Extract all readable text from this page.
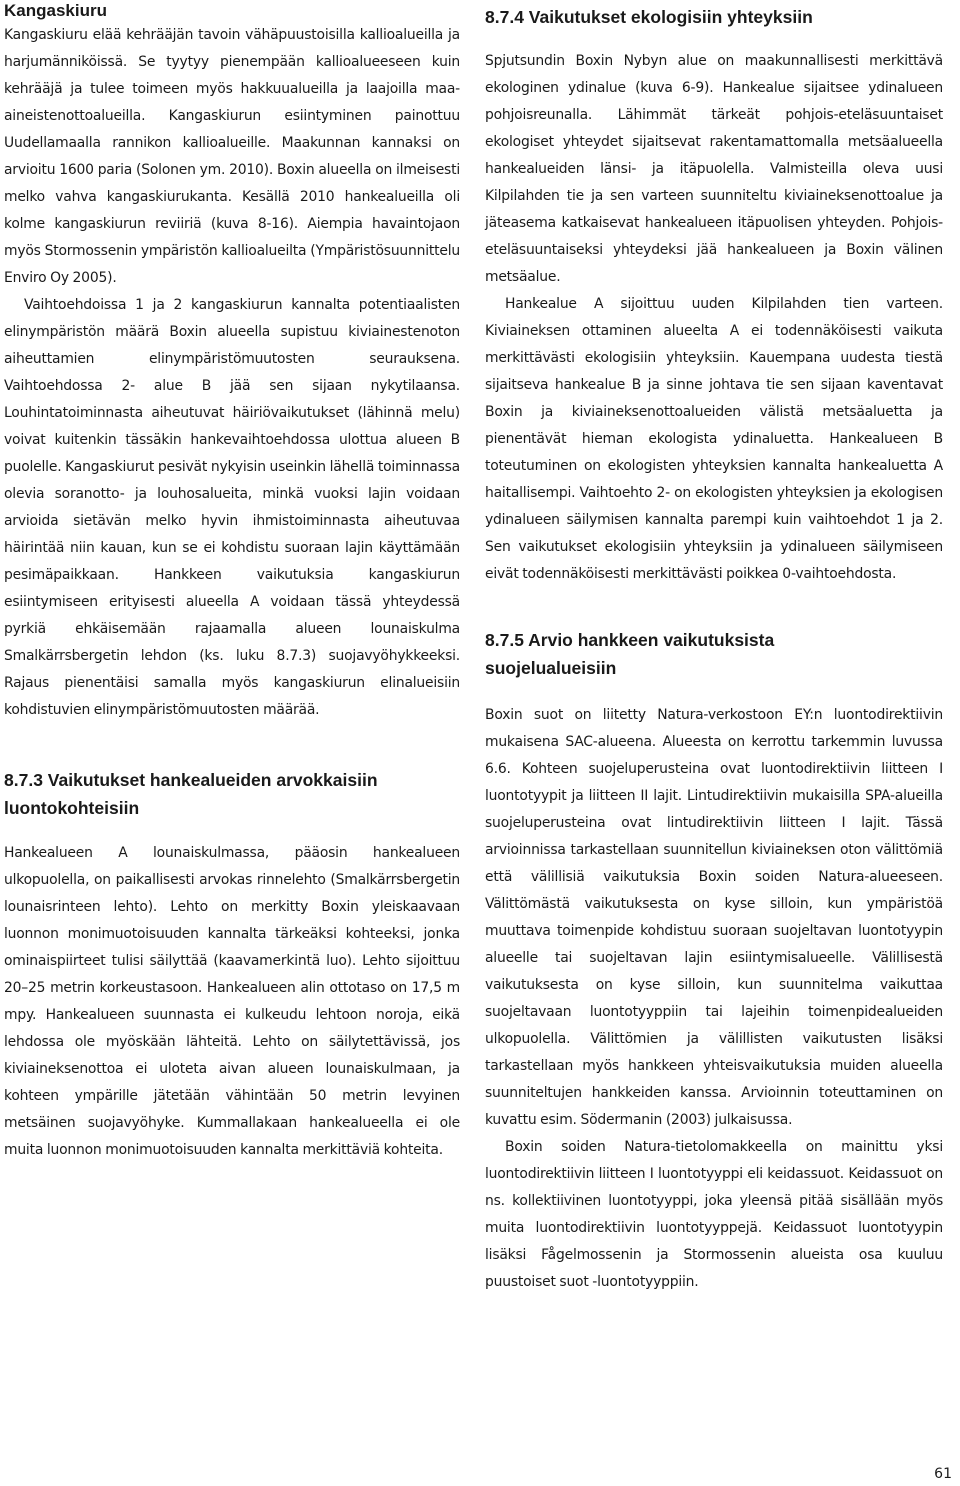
Kangaskiuru

Kangaskiuru elää kehrääjän tavoin vähäpuustoisilla kallioalueilla ja harjumänniköissä. Se tyytyy pienempään kallioalueeseen kuin kehrääjä ja tulee toimeen myös hakkuualueilla ja laajoilla maa-aineistenottoalueilla. Kangaskiurun esiintyminen painottuu Uudellamaalla rannikon kallioalueille. Maakunnan kannaksi on arvioitu 1600 paria (Solonen ym. 2010). Boxin alueella on ilmeisesti melko vahva kangaskiurukanta. Kesällä 2010 hankealueilla oli kolme kangaskiurun reviiriä (kuva 8-16). Aiempia havaintojaon myös Stormossenin ympäristön kallioalueilta (Ympäristösuunnittelu Enviro Oy 2005).

Vaihtoehdoissa 1 ja 2 kangaskiurun kannalta potentiaalisten elinympäristön määrä Boxin alueella supistuu kiviainestenoton aiheuttamien elinympäristömuutosten seurauksena. Vaihtoehdossa 2- alue B jää sen sijaan nykytilaansa. Louhintatoiminnasta aiheutuvat häiriövaikutukset (lähinnä melu) voivat kuitenkin tässäkin hankevaihtoehdossa ulottua alueen B puolelle. Kangaskiurut pesivät nykyisin useinkin lähellä toiminnassa olevia soranotto- ja louhosalueita, minkä vuoksi lajin voidaan arvioida sietävän melko hyvin ihmistoiminnasta aiheutuvaa häirintää niin kauan, kun se ei kohdistu suoraan lajin käyttämään pesimäpaikkaan. Hankkeen vaikutuksia kangaskiurun esiintymiseen erityisesti alueella A voidaan tässä yhteydessä pyrkiä ehkäisemään rajaamalla alueen lounaiskulma Smalkärrsbergetin lehdon (ks. luku 8.7.3) suojavyöhykkeeksi. Rajaus pienentäisi samalla myös kangaskiurun elinalueisiin kohdistuvien elinympäristömuutosten määrää.

8.7.3 Vaikutukset hankealueiden arvokkaisiin luontokohteisiin

Hankealueen A lounaiskulmassa, pääosin hankealueen ulkopuolella, on paikallisesti arvokas rinnelehto (Smalkärrsbergetin lounaisrinteen lehto). Lehto on merkitty Boxin yleiskaavaan luonnon monimuotoisuuden kannalta tärkeäksi kohteeksi, jonka ominaispiirteet tulisi säilyttää (kaavamerkintä luo). Lehto sijoittuu 20–25 metrin korkeustasoon. Hankealueen alin ottotaso on 17,5 m mpy. Hankealueen suunnasta ei kulkeudu lehtoon noroja, eikä lehdossa ole myöskään lähteitä. Lehto on säilytettävissä, jos kiviaineksenottoa ei uloteta aivan alueen lounaiskulmaan, ja kohteen ympärille jätetään vähintään 50 metrin levyinen metsäinen suojavyöhyke. Kummallakaan hankealueella ei ole muita luonnon monimuotoisuuden kannalta merkittäviä kohteita.

8.7.4 Vaikutukset ekologisiin yhteyksiin

Spjutsundin Boxin Nybyn alue on maakunnallisesti merkittävä ekologinen ydinalue (kuva 6-9). Hankealue sijaitsee ydinalueen pohjoisreunalla. Lähimmät tärkeät pohjois-eteläsuuntaiset ekologiset yhteydet sijaitsevat rakentamattomalla metsäalueella hankealueiden länsi- ja itäpuolella. Valmisteilla oleva uusi Kilpilahden tie ja sen varteen suunniteltu kiviaineksenottoalue ja jäteasema katkaisevat hankealueen itäpuolisen yhteyden. Pohjois-eteläsuuntaiseksi yhteydeksi jää hankealueen ja Boxin välinen metsäalue.

Hankealue A sijoittuu uuden Kilpilahden tien varteen. Kiviaineksen ottaminen alueelta A ei todennäköisesti vaikuta merkittävästi ekologisiin yhteyksiin. Kauempana uudesta tiestä sijaitseva hankealue B ja sinne johtava tie sen sijaan kaventavat Boxin ja kiviaineksenottoalueiden välistä metsäaluetta ja pienentävät hieman ekologista ydinaluetta. Hankealueen B toteutuminen on ekologisten yhteyksien kannalta hankealuetta A haitallisempi. Vaihtoehto 2- on ekologisten yhteyksien ja ekologisen ydinalueen säilymisen kannalta parempi kuin vaihtoehdot 1 ja 2. Sen vaikutukset ekologisiin yhteyksiin ja ydinalueen säilymiseen eivät todennäköisesti merkittävästi poikkea 0-vaihtoehdosta.

8.7.5 Arvio hankkeen vaikutuksista suojelualueisiin

Boxin suot on liitetty Natura-verkostoon EY:n luontodirektiivin mukaisena SAC-alueena. Alueesta on kerrottu tarkemmin luvussa 6.6. Kohteen suojeluperusteina ovat luontodirektiivin liitteen I luontotyypit ja liitteen II lajit. Lintudirektiivin mukaisilla SPA-alueilla suojeluperusteina ovat lintudirektiivin liitteen I lajit. Tässä arvioinnissa tarkastellaan suunnitellun kiviaineksen oton välittömiä että välillisiä vaikutuksia Boxin soiden Natura-alueeseen. Välittömästä vaikutuksesta on kyse silloin, kun ympäristöä muuttava toimenpide kohdistuu suoraan suojeltavan luontotyypin alueelle tai suojeltavan lajin esiintymisalueelle. Välillisestä vaikutuksesta on kyse silloin, kun suunnitelma vaikuttaa suojeltavaan luontotyyppiin tai lajeihin toimenpidealueiden ulkopuolella. Välittömien ja välillisten vaikutusten lisäksi tarkastellaan myös hankkeen yhteisvaikutuksia muiden alueella suunniteltujen hankkeiden kanssa. Arvioinnin toteuttaminen on kuvattu esim. Södermanin (2003) julkaisussa.

Boxin soiden Natura-tietolomakkeella on mainittu yksi luontodirektiivin liitteen I luontotyyppi eli keidassuot. Keidassuot on ns. kollektiivinen luontotyyppi, joka yleensä pitää sisällään myös muita luontodirektiivin luontotyyppejä. Keidassuot luontotyypin lisäksi Fågelmossenin ja Stormossenin alueista osa kuuluu puustoiset suot -luontotyyppiin.

61
